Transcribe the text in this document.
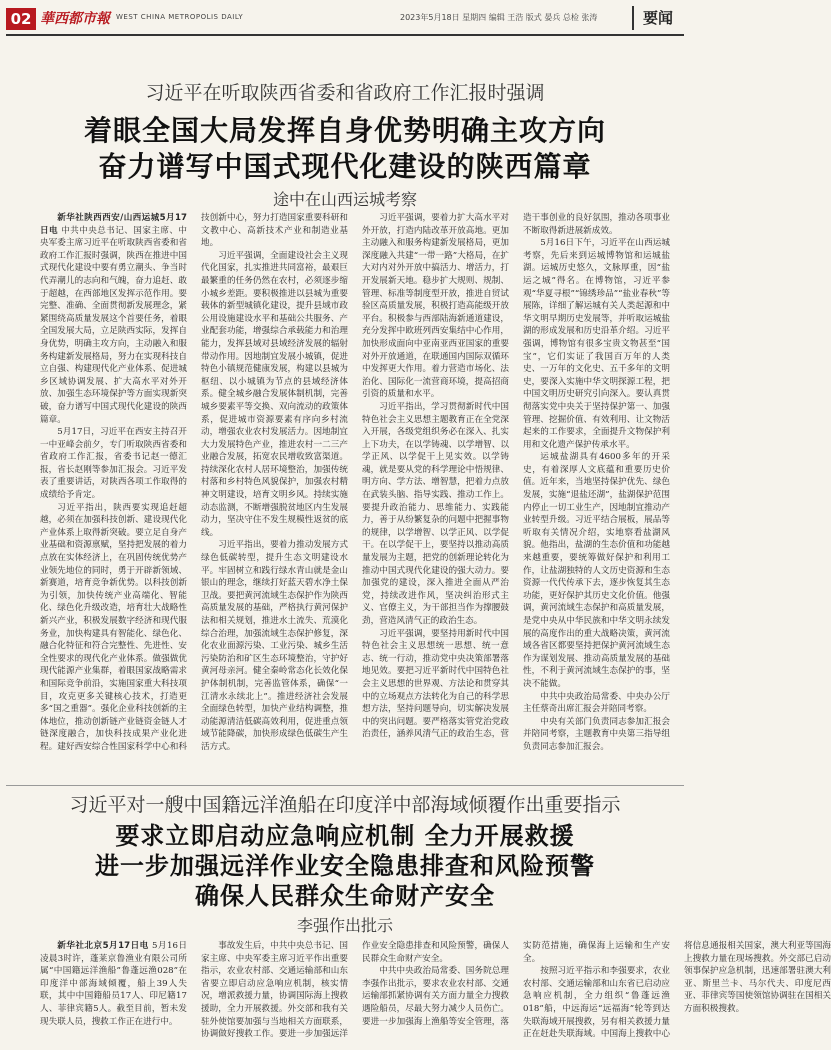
02 華西都市報 WEST CHINA METROPOLIS DAILY	2023年5月18日 星期四 编辑 王浩 版式 晏兵 总检 张涛	要闻
习近平在听取陕西省委和省政府工作汇报时强调
着眼全国大局发挥自身优势明确主攻方向
奋力谱写中国式现代化建设的陕西篇章
途中在山西运城考察

新华社陕西西安/山西运城5月17日电 中共中央总书记、国家主席、中央军委主席习近平在听取陕西省委和省政府工作汇报时强调，陕西在推进中国式现代化建设中要有勇立潮头、争当时代弄潮儿的志向和气魄，奋力追赶、敢于超越，在西部地区发挥示范作用。要完整、准确、全面贯彻新发展理念，紧紧围绕高质量发展这个首要任务，着眼全国发展大局，立足陕西实际，发挥自身优势，明确主攻方向，主动融入和服务构建新发展格局，努力在实现科技自立自强、构建现代化产业体系、促进城乡区域协调发展、扩大高水平对外开放、加强生态环境保护等方面实现新突破，奋力谱写中国式现代化建设的陕西篇章。

5月17日，习近平在西安主持召开一中亚峰会前夕，专门听取陕西省委和省政府工作汇报，省委书记赵一德汇报，省长赵刚等参加汇报会。习近平发表了重要讲话，对陕西各项工作取得的成绩给予肯定。

习近平指出，陕西要实现追赶超越，必须在加强科技创新、建设现代化产业体系上取得新突破。要立足自身产业基础和资源禀赋，坚持把发展的着力点放在实体经济上，在巩固传统优势产业领先地位的同时，勇于开辟新领域、新赛道，培育竞争新优势。以科技创新为引领，加快传统产业高端化、智能化、绿色化升级改造，培育壮大战略性新兴产业，积极发展数字经济和现代服务业，加快构建具有智能化、绿色化、融合化特征和符合完整性、先进性、安全性要求的现代化产业体系。做强做优现代能源产业集群，着眼国家战略需求和国际竞争前沿，实施国家重大科技项目，攻克更多关键核心技术，打造更多“国之重器”。强化企业科技创新的主体地位，推动创新链产业链资金链人才链深度融合，加快科技成果产业化进程。建好西安综合性国家科学中心和科技创新中心，努力打造国家重要科研和文教中心、高新技术产业和制造业基地。

习近平强调，全面建设社会主义现代化国家，扎实推进共同富裕，最艰巨最繁重的任务仍然在农村，必须逐步缩小城乡差距。要积极推进以县城为重要载体的新型城镇化建设，提升县域市政公用设施建设水平和基础公共服务、产业配套功能，增强综合承载能力和治理能力，发挥县域对县域经济发展的辐射带动作用。因地制宜发展小城镇，促进特色小镇规范健康发展，构建以县城为枢纽、以小城镇为节点的县域经济体系。健全城乡融合发展体制机制，完善城乡要素平等交换、双向流动的政策体系，促进城市资源要素有序向乡村流动，增强农业农村发展活力。因地制宜大力发展特色产业，推进农村一二三产业融合发展，拓宽农民增收致富渠道。持续深化农村人居环境整治，加强传统村落和乡村特色风貌保护，加强农村精神文明建设，培育文明乡风。持续实施动态监测，不断增强脱贫地区内生发展动力，坚决守住不发生规模性返贫的底线。

习近平指出，要着力推动发展方式绿色低碳转型，提升生态文明建设水平。牢固树立和践行绿水青山就是金山银山的理念，继续打好蓝天碧水净土保卫战。要把黄河流域生态保护作为陕西高质量发展的基础，严格执行黄河保护法和相关规划，推进水土流失、荒漠化综合治理，加强流域生态保护修复，深化农业面源污染、工业污染、城乡生活污染防治和矿区生态环境整治，守护好黄河母亲河。健全秦岭常态化长效化保护体制机制，完善监管体系，确保“一江清水永续北上”。推进经济社会发展全面绿色转型，加快产业结构调整，推动能源清洁低碳高效利用，促进重点领域节能降碳，加快形成绿色低碳生产生活方式。

习近平强调，要着力扩大高水平对外开放，打造内陆改革开放高地。更加主动融入和服务构建新发展格局，更加深度融入共建“一带一路”大格局，在扩大对内对外开放中搞活力、增活力，打开发展新天地。稳步扩大规则、规制、管理、标准等制度型开放，推进自贸试验区高质量发展，积极打造高能级开放平台。积极参与西部陆海新通道建设，充分发挥中欧班列西安集结中心作用，加快形成面向中亚南亚西亚国家的重要对外开放通道，在联通国内国际双循环中发挥更大作用。着力营造市场化、法治化、国际化一流营商环境，提高招商引资的质量和水平。

习近平指出，学习贯彻新时代中国特色社会主义思想主题教育正在全党深入开展，各级党组织务必在深入、扎实上下功夫，在以学铸魂、以学增智、以学正风、以学促干上见实效。以学铸魂，就是要从党的科学理论中悟规律、明方向、学方法、增智慧，把着力点放在武装头脑、指导实践、推动工作上。要提升政治能力、思维能力、实践能力，善于从纷繁复杂的问题中把握事物的规律，以学增智、以学正风、以学促干。在以学促干上，要坚持以推动高质量发展为主题，把党的创新理论转化为推动中国式现代化建设的强大动力。要加强党的建设，深入推进全面从严治党，持续改进作风，坚决纠治形式主义、官僚主义，为干部担当作为撑腰鼓劲，营造风清气正的政治生态。

习近平强调，要坚持用新时代中国特色社会主义思想统一思想、统一意志、统一行动，推动党中央决策部署落地见效。要把习近平新时代中国特色社会主义思想的世界观、方法论和贯穿其中的立场观点方法转化为自己的科学思想方法，坚持问题导向，切实解决发展中的突出问题。要严格落实管党治党政治责任，涵养风清气正的政治生态，营造干事创业的良好氛围，推动各项事业不断取得新进展新成效。

5月16日下午，习近平在山西运城考察，先后来到运城博物馆和运城盐湖。运城历史悠久，文脉厚重，因“盐运之城”得名。在博物馆，习近平参观“华夏寻根”“锦绣珍品”“盐业春秋”等展陈，详细了解运城有关人类起源和中华文明早期历史发展等，并听取运城盐湖的形成发展和历史沿革介绍。习近平强调，博物馆有很多宝贵文物甚至“国宝”，它们实证了我国百万年的人类史、一万年的文化史、五千多年的文明史，要深入实施中华文明探源工程，把中国文明历史研究引向深入。要认真贯彻落实党中央关于坚持保护第一、加强管理、挖掘价值、有效利用、让文物活起来的工作要求，全面提升文物保护利用和文化遗产保护传承水平。

运城盐湖具有4600多年的开采史，有着深厚人文底蕴和重要历史价值。近年来，当地坚持保护优先、绿色发展，实施“退盐还湖”，盐湖保护范围内停止一切工业生产，因地制宜推动产业转型升级。习近平结合展板，展品等听取有关情况介绍，实地察看盐湖风貌。他指出，盐湖的生态价值和功能越来越重要，要统筹做好保护和利用工作，让盐湖独特的人文历史资源和生态资源一代代传承下去，逐步恢复其生态功能，更好保护其历史文化价值。他强调，黄河流域生态保护和高质量发展，是党中央从中华民族和中华文明永续发展的高度作出的重大战略决策，黄河流域各省区都要坚持把保护黄河流域生态作为谋划发展、推动高质量发展的基础性，不利于黄河流域生态保护的事，坚决不能做。

中共中央政治局常委、中央办公厅主任蔡奇出席汇报会并陪同考察。

中央有关部门负责同志参加汇报会并陪同考察，主题教育中央第三指导组负责同志参加汇报会。

习近平对一艘中国籍远洋渔船在印度洋中部海域倾覆作出重要指示
要求立即启动应急响应机制 全力开展救援
进一步加强远洋作业安全隐患排查和风险预警
确保人民群众生命财产安全
李强作出批示

新华社北京5月17日电 5月16日凌晨3时许，蓬莱京鲁渔业有限公司所属“中国籍远洋渔船”鲁蓬远渔028”在印度洋中部海域倾覆，船上39人失联，其中中国籍船员17人、印尼籍17人、菲律宾籍5人。截至目前，暂未发现失联人员，搜救工作正在进行中。

事故发生后，中共中央总书记、国家主席、中央军委主席习近平作出重要指示，农业农村部、交通运输部和山东省要立即启动应急响应机制，核实情况，增派救援力量，协调国际海上搜救援助，全力开展救援。外交部和我有关驻外使馆要加强与当地相关方面联系，协调做好搜救工作。要进一步加强远洋作业安全隐患排查和风险预警，确保人民群众生命财产安全。

中共中央政治局常委、国务院总理李强作出批示，要求农业农村部、交通运输部抓紧协调有关方面力量全力搜救遇险船员，尽最大努力减少人员伤亡。要进一步加强海上渔船等安全管理，落实防范措施，确保海上运输和生产安全。

按照习近平指示和李强要求，农业农村部、交通运输部和山东省已启动应急响应机制，全力组织“鲁蓬远渔018”船，中远海运“远福海”轮等到达失联海域开展搜救，另有相关救援力量正在赶赴失联海域。中国海上搜救中心将信息通报相关国家，澳大利亚等国海上搜救力量在现场搜救。外交部已启动领事保护应急机制，迅速部署驻澳大利亚、斯里兰卡、马尔代夫、印度尼西亚、菲律宾等国使领馆协调驻在国相关方面积极搜救。
